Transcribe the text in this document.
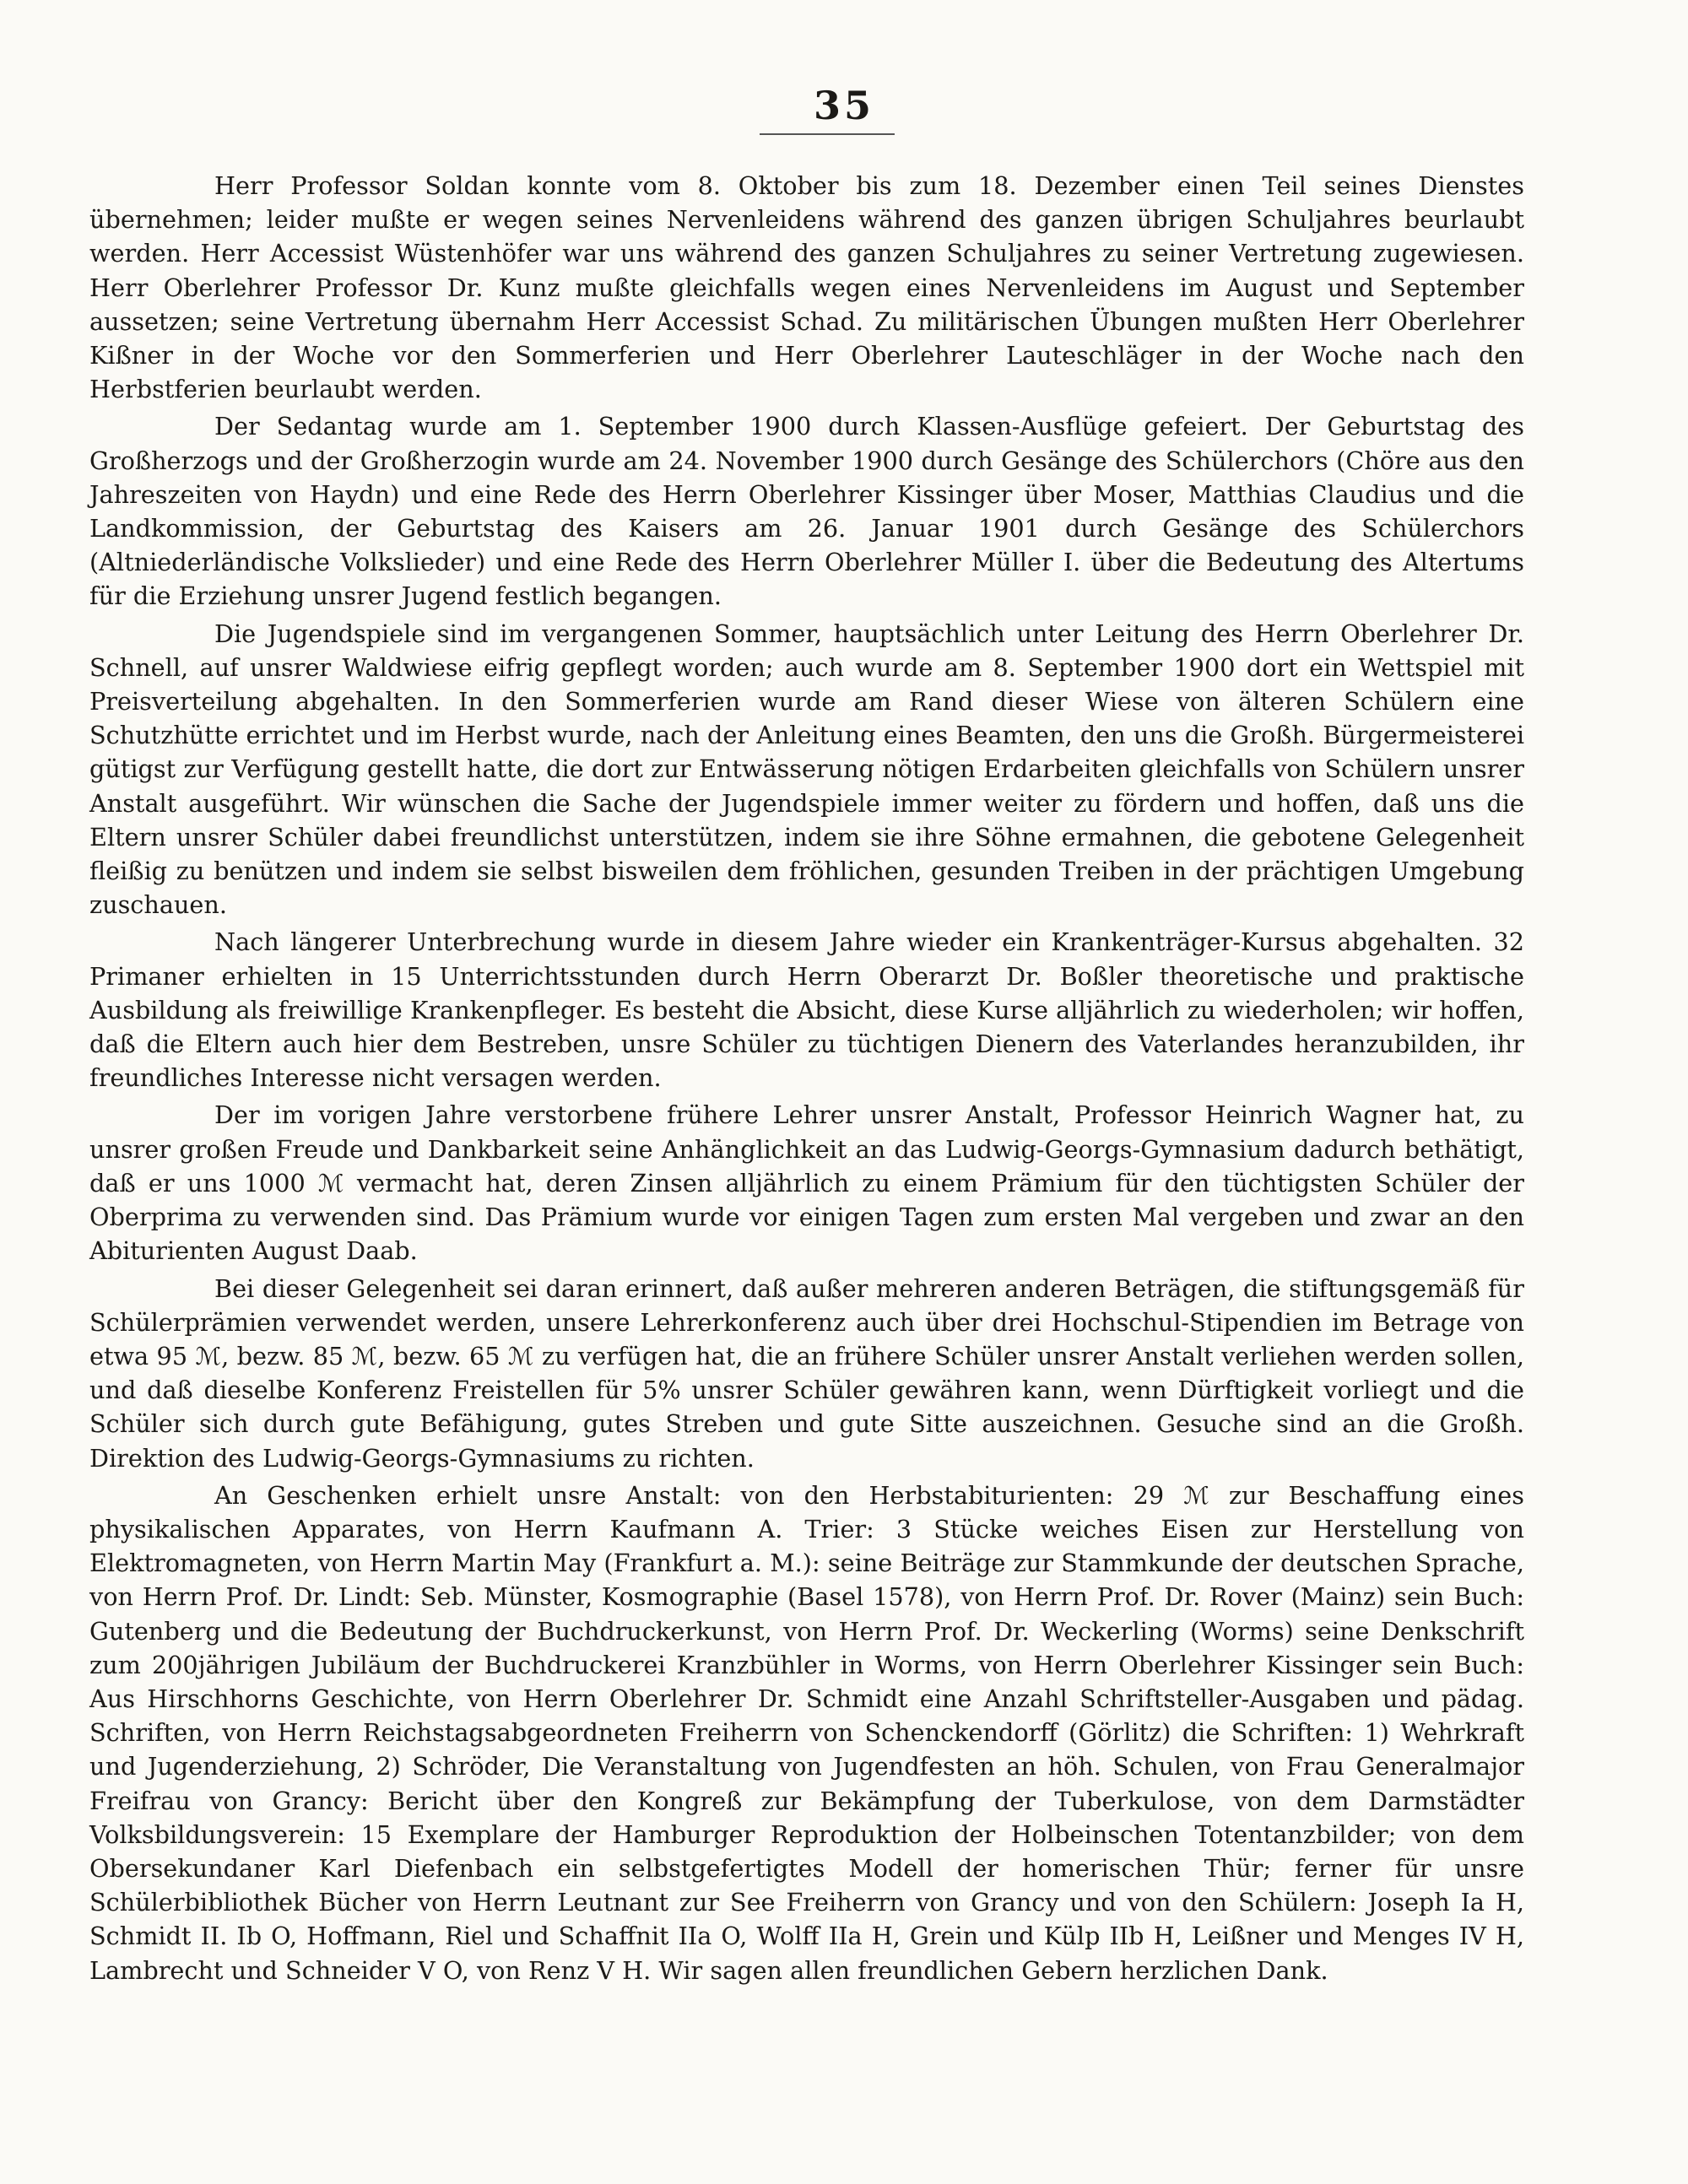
35

Herr Professor Soldan konnte vom 8. Oktober bis zum 18. Dezember einen Teil seines Dienstes übernehmen; leider mußte er wegen seines Nervenleidens während des ganzen übrigen Schuljahres beurlaubt werden. Herr Accessist Wüstenhöfer war uns während des ganzen Schuljahres zu seiner Vertretung zugewiesen. Herr Oberlehrer Professor Dr. Kunz mußte gleichfalls wegen eines Nervenleidens im August und September aussetzen; seine Vertretung übernahm Herr Accessist Schad. Zu militärischen Übungen mußten Herr Oberlehrer Kißner in der Woche vor den Sommerferien und Herr Oberlehrer Lauteschläger in der Woche nach den Herbstferien beurlaubt werden.

Der Sedantag wurde am 1. September 1900 durch Klassen-Ausflüge gefeiert. Der Geburtstag des Großherzogs und der Großherzogin wurde am 24. November 1900 durch Gesänge des Schülerchors (Chöre aus den Jahreszeiten von Haydn) und eine Rede des Herrn Oberlehrer Kissinger über Moser, Matthias Claudius und die Landkommission, der Geburtstag des Kaisers am 26. Januar 1901 durch Gesänge des Schülerchors (Altniederländische Volkslieder) und eine Rede des Herrn Oberlehrer Müller I. über die Bedeutung des Altertums für die Erziehung unsrer Jugend festlich begangen.

Die Jugendspiele sind im vergangenen Sommer, hauptsächlich unter Leitung des Herrn Oberlehrer Dr. Schnell, auf unsrer Waldwiese eifrig gepflegt worden; auch wurde am 8. September 1900 dort ein Wettspiel mit Preisverteilung abgehalten. In den Sommerferien wurde am Rand dieser Wiese von älteren Schülern eine Schutzhütte errichtet und im Herbst wurde, nach der Anleitung eines Beamten, den uns die Großh. Bürgermeisterei gütigst zur Verfügung gestellt hatte, die dort zur Entwässerung nötigen Erdarbeiten gleichfalls von Schülern unsrer Anstalt ausgeführt. Wir wünschen die Sache der Jugendspiele immer weiter zu fördern und hoffen, daß uns die Eltern unsrer Schüler dabei freundlichst unterstützen, indem sie ihre Söhne ermahnen, die gebotene Gelegenheit fleißig zu benützen und indem sie selbst bisweilen dem fröhlichen, gesunden Treiben in der prächtigen Umgebung zuschauen.

Nach längerer Unterbrechung wurde in diesem Jahre wieder ein Krankenträger-Kursus abgehalten. 32 Primaner erhielten in 15 Unterrichtsstunden durch Herrn Oberarzt Dr. Boßler theoretische und praktische Ausbildung als freiwillige Krankenpfleger. Es besteht die Absicht, diese Kurse alljährlich zu wiederholen; wir hoffen, daß die Eltern auch hier dem Bestreben, unsre Schüler zu tüchtigen Dienern des Vaterlandes heranzubilden, ihr freundliches Interesse nicht versagen werden.

Der im vorigen Jahre verstorbene frühere Lehrer unsrer Anstalt, Professor Heinrich Wagner hat, zu unsrer großen Freude und Dankbarkeit seine Anhänglichkeit an das Ludwig-Georgs-Gymnasium dadurch bethätigt, daß er uns 1000 ℳ vermacht hat, deren Zinsen alljährlich zu einem Prämium für den tüchtigsten Schüler der Oberprima zu verwenden sind. Das Prämium wurde vor einigen Tagen zum ersten Mal vergeben und zwar an den Abiturienten August Daab.

Bei dieser Gelegenheit sei daran erinnert, daß außer mehreren anderen Beträgen, die stiftungsgemäß für Schülerprämien verwendet werden, unsere Lehrerkonferenz auch über drei Hochschul-Stipendien im Betrage von etwa 95 ℳ, bezw. 85 ℳ, bezw. 65 ℳ zu verfügen hat, die an frühere Schüler unsrer Anstalt verliehen werden sollen, und daß dieselbe Konferenz Freistellen für 5% unsrer Schüler gewähren kann, wenn Dürftigkeit vorliegt und die Schüler sich durch gute Befähigung, gutes Streben und gute Sitte auszeichnen. Gesuche sind an die Großh. Direktion des Ludwig-Georgs-Gymnasiums zu richten.

An Geschenken erhielt unsre Anstalt: von den Herbstabiturienten: 29 ℳ zur Beschaffung eines physikalischen Apparates, von Herrn Kaufmann A. Trier: 3 Stücke weiches Eisen zur Herstellung von Elektromagneten, von Herrn Martin May (Frankfurt a. M.): seine Beiträge zur Stammkunde der deutschen Sprache, von Herrn Prof. Dr. Lindt: Seb. Münster, Kosmographie (Basel 1578), von Herrn Prof. Dr. Rover (Mainz) sein Buch: Gutenberg und die Bedeutung der Buchdruckerkunst, von Herrn Prof. Dr. Weckerling (Worms) seine Denkschrift zum 200jährigen Jubiläum der Buchdruckerei Kranzbühler in Worms, von Herrn Oberlehrer Kissinger sein Buch: Aus Hirschhorns Geschichte, von Herrn Oberlehrer Dr. Schmidt eine Anzahl Schriftsteller-Ausgaben und pädag. Schriften, von Herrn Reichstagsabgeordneten Freiherrn von Schenckendorff (Görlitz) die Schriften: 1) Wehrkraft und Jugenderziehung, 2) Schröder, Die Veranstaltung von Jugendfesten an höh. Schulen, von Frau Generalmajor Freifrau von Grancy: Bericht über den Kongreß zur Bekämpfung der Tuberkulose, von dem Darmstädter Volksbildungsverein: 15 Exemplare der Hamburger Reproduktion der Holbeinschen Totentanzbilder; von dem Obersekundaner Karl Diefenbach ein selbstgefertigtes Modell der homerischen Thür; ferner für unsre Schülerbibliothek Bücher von Herrn Leutnant zur See Freiherrn von Grancy und von den Schülern: Joseph Ia H, Schmidt II. Ib O, Hoffmann, Riel und Schaffnit IIa O, Wolff IIa H, Grein und Külp IIb H, Leißner und Menges IV H, Lambrecht und Schneider V O, von Renz V H. Wir sagen allen freundlichen Gebern herzlichen Dank.
